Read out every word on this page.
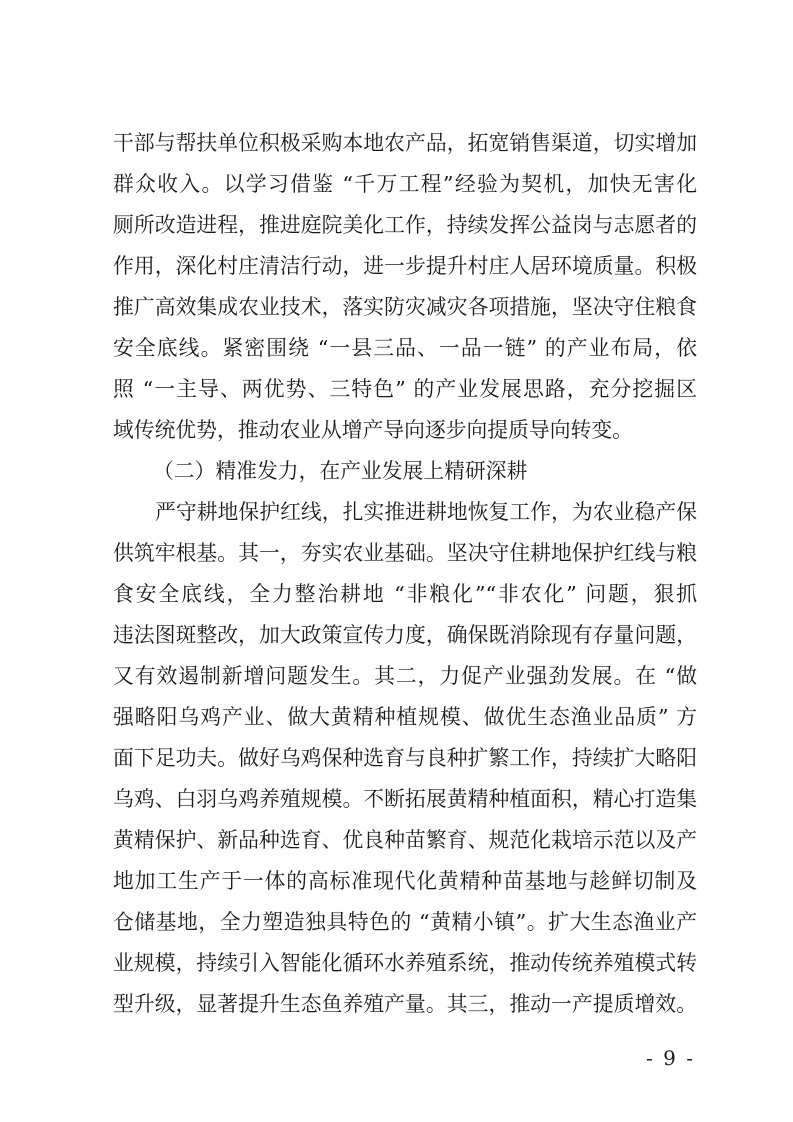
干部与帮扶单位积极采购本地农产品，拓宽销售渠道，切实增加
群众收入。以学习借鉴 “千万工程”经验为契机，加快无害化
厕所改造进程，推进庭院美化工作，持续发挥公益岗与志愿者的
作用，深化村庄清洁行动，进一步提升村庄人居环境质量。积极
推广高效集成农业技术，落实防灾减灾各项措施，坚决守住粮食
安全底线。紧密围绕 “一县三品、一品一链” 的产业布局，依
照 “一主导、两优势、三特色” 的产业发展思路，充分挖掘区
域传统优势，推动农业从增产导向逐步向提质导向转变。
（二）精准发力，在产业发展上精研深耕
严守耕地保护红线，扎实推进耕地恢复工作，为农业稳产保
供筑牢根基。其一，夯实农业基础。坚决守住耕地保护红线与粮
食安全底线，全力整治耕地 “非粮化”“非农化” 问题，狠抓
违法图斑整改，加大政策宣传力度，确保既消除现有存量问题，
又有效遏制新增问题发生。其二，力促产业强劲发展。在 “做
强略阳乌鸡产业、做大黄精种植规模、做优生态渔业品质” 方
面下足功夫。做好乌鸡保种选育与良种扩繁工作，持续扩大略阳
乌鸡、白羽乌鸡养殖规模。不断拓展黄精种植面积，精心打造集
黄精保护、新品种选育、优良种苗繁育、规范化栽培示范以及产
地加工生产于一体的高标准现代化黄精种苗基地与趁鲜切制及
仓储基地，全力塑造独具特色的 “黄精小镇”。扩大生态渔业产
业规模，持续引入智能化循环水养殖系统，推动传统养殖模式转
型升级，显著提升生态鱼养殖产量。其三，推动一产提质增效。
- 9 -
